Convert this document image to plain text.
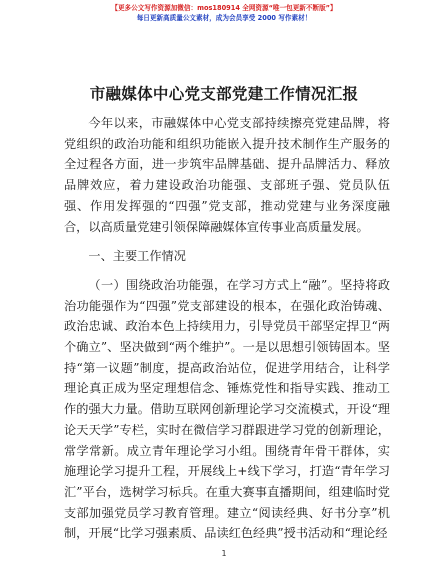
【更多公文写作资源加微信：mos180914 全网资源“唯一包更新不断版”】
每日更新高质量公文素材，成为会员享受 2000 写作素材！
市融媒体中心党支部党建工作情况汇报

今年以来，市融媒体中心党支部持续擦亮党建品牌，将党组织的政治功能和组织功能嵌入提升技术制作生产服务的全过程各方面，进一步筑牢品牌基础、提升品牌活力、释放品牌效应，着力建设政治功能强、支部班子强、党员队伍强、作用发挥强的“四强”党支部，推动党建与业务深度融合，以高质量党建引领保障融媒体宣传事业高质量发展。

一、主要工作情况

（一）围绕政治功能强，在学习方式上“融”。坚持将政治功能强作为“四强”党支部建设的根本，在强化政治铸魂、政治忠诚、政治本色上持续用力，引导党员干部坚定捍卫“两个确立”、坚决做到“两个维护”。一是以思想引领铸固本。坚持“第一议题”制度，提高政治站位，促进学用结合，让科学理论真正成为坚定理想信念、锤炼党性和指导实践、推动工作的强大力量。借助互联网创新理论学习交流模式，开设“理论天天学”专栏，实时在微信学习群跟进学习党的创新理论，常学常新。成立青年理论学习小组。围绕青年骨干群体，实施理论学习提升工程，开展线上+线下学习，打造“青年学习汇”平台，选树学习标兵。在重大赛事直播期间，组建临时党支部加强党员学习教育管理。建立“阅读经典、好书分享”机制，开展“比学习强素质、品读红色经典”授书活动和“理论经

1
